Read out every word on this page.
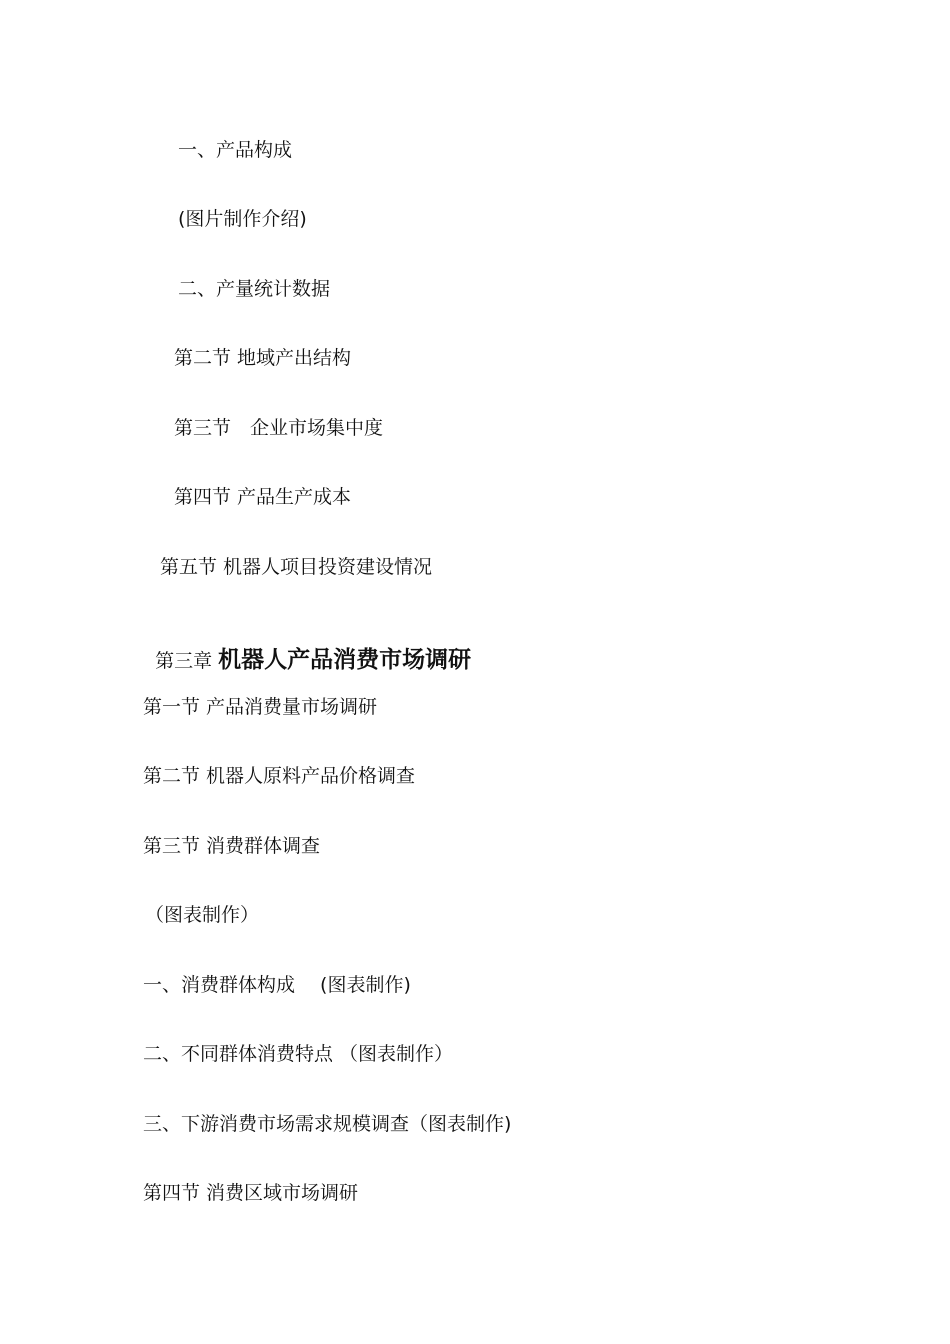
一、产品构成
(图片制作介绍)
二、产量统计数据
第二节 地域产出结构
第三节　企业市场集中度
第四节 产品生产成本
第五节 机器人项目投资建设情况

第三章 机器人产品消费市场调研

第一节 产品消费量市场调研
第二节 机器人原料产品价格调查
第三节 消费群体调查
（图表制作）
一、消费群体构成　 (图表制作)
二、不同群体消费特点 （图表制作）
三、下游消费市场需求规模调查（图表制作)
第四节 消费区域市场调研
